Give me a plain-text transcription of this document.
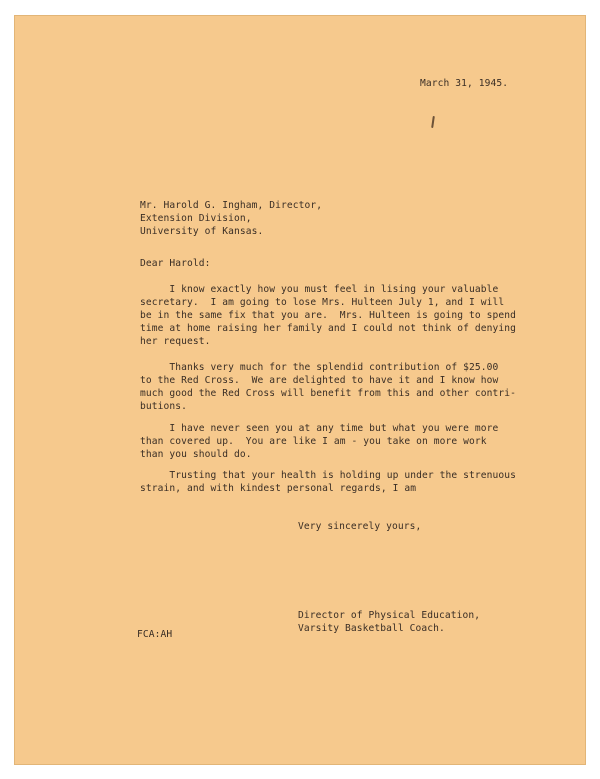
March 31, 1945.
Mr. Harold G. Ingham, Director,
Extension Division,
University of Kansas.
Dear Harold:
I know exactly how you must feel in lising your valuable
secretary.  I am going to lose Mrs. Hulteen July 1, and I will
be in the same fix that you are.  Mrs. Hulteen is going to spend
time at home raising her family and I could not think of denying
her request.
Thanks very much for the splendid contribution of $25.00
to the Red Cross.  We are delighted to have it and I know how
much good the Red Cross will benefit from this and other contri-
butions.
I have never seen you at any time but what you were more
than covered up.  You are like I am - you take on more work
than you should do.
Trusting that your health is holding up under the strenuous
strain, and with kindest personal regards, I am
Very sincerely yours,
Director of Physical Education,
Varsity Basketball Coach.
FCA:AH
